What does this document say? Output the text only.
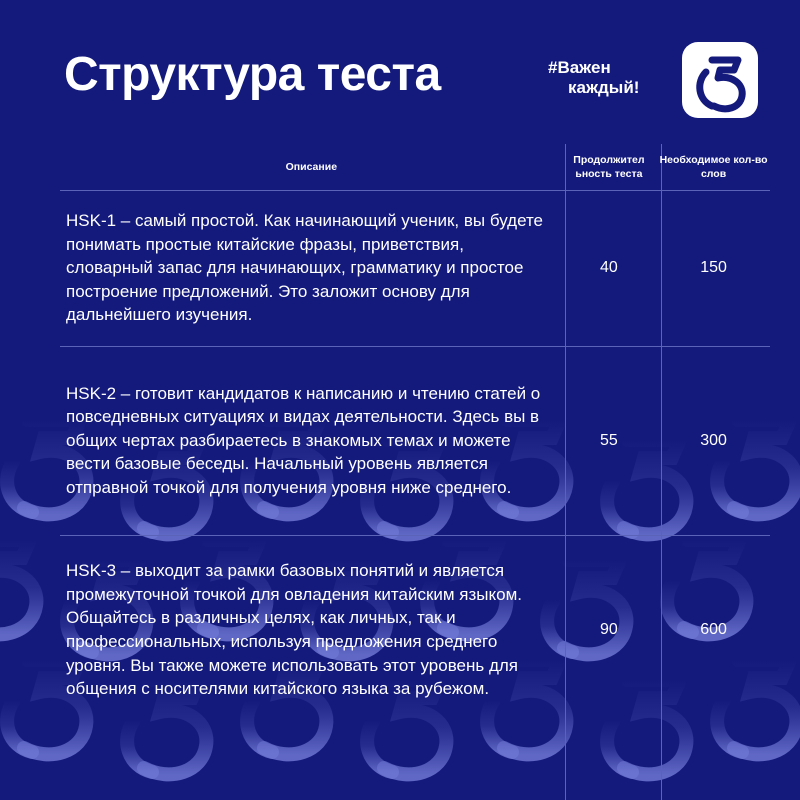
Структура теста	#Важен
каждый!
Описание	Продолжител ьность теста	Необходимое кол-во слов
HSK-1 – самый простой. Как начинающий ученик, вы будете понимать простые китайские фразы, приветствия, словарный запас для начинающих, грамматику и простое построение предложений. Это заложит основу для дальнейшего изучения.	40	150
HSK-2 – готовит кандидатов к написанию и чтению статей о повседневных ситуациях и видах деятельности. Здесь вы в общих чертах разбираетесь в знакомых темах и можете вести базовые беседы. Начальный уровень является отправной точкой для получения уровня ниже среднего.	55	300
HSK-3 – выходит за рамки базовых понятий и является промежуточной точкой для овладения китайским языком. Общайтесь в различных целях, как личных, так и профессиональных, используя предложения среднего уровня. Вы также можете использовать этот уровень для общения с носителями китайского языка за рубежом.	90	600
